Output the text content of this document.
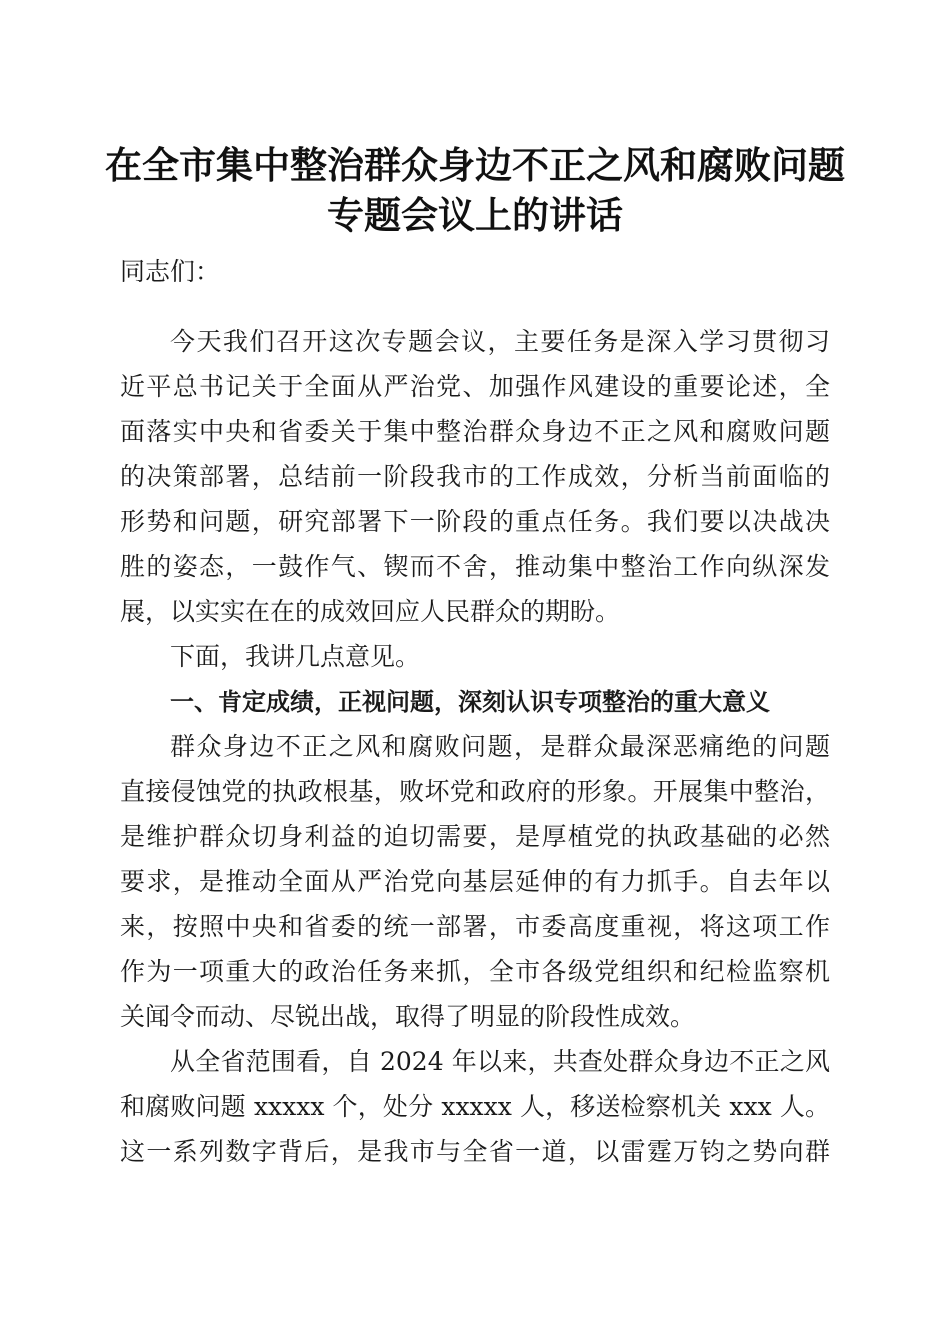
在全市集中整治群众身边不正之风和腐败问题
专题会议上的讲话
同志们：
今天我们召开这次专题会议，主要任务是深入学习贯彻习
近平总书记关于全面从严治党、加强作风建设的重要论述，全
面落实中央和省委关于集中整治群众身边不正之风和腐败问题
的决策部署，总结前一阶段我市的工作成效，分析当前面临的
形势和问题，研究部署下一阶段的重点任务。我们要以决战决
胜的姿态，一鼓作气、锲而不舍，推动集中整治工作向纵深发
展，以实实在在的成效回应人民群众的期盼。
下面，我讲几点意见。
一、肯定成绩，正视问题，深刻认识专项整治的重大意义
群众身边不正之风和腐败问题，是群众最深恶痛绝的问题
直接侵蚀党的执政根基，败坏党和政府的形象。开展集中整治，
是维护群众切身利益的迫切需要，是厚植党的执政基础的必然
要求，是推动全面从严治党向基层延伸的有力抓手。自去年以
来，按照中央和省委的统一部署，市委高度重视，将这项工作
作为一项重大的政治任务来抓，全市各级党组织和纪检监察机
关闻令而动、尽锐出战，取得了明显的阶段性成效。
从全省范围看，自 2024 年以来，共查处群众身边不正之风
和腐败问题 xxxxx 个，处分 xxxxx 人，移送检察机关 xxx 人。
这一系列数字背后，是我市与全省一道，以雷霆万钧之势向群
